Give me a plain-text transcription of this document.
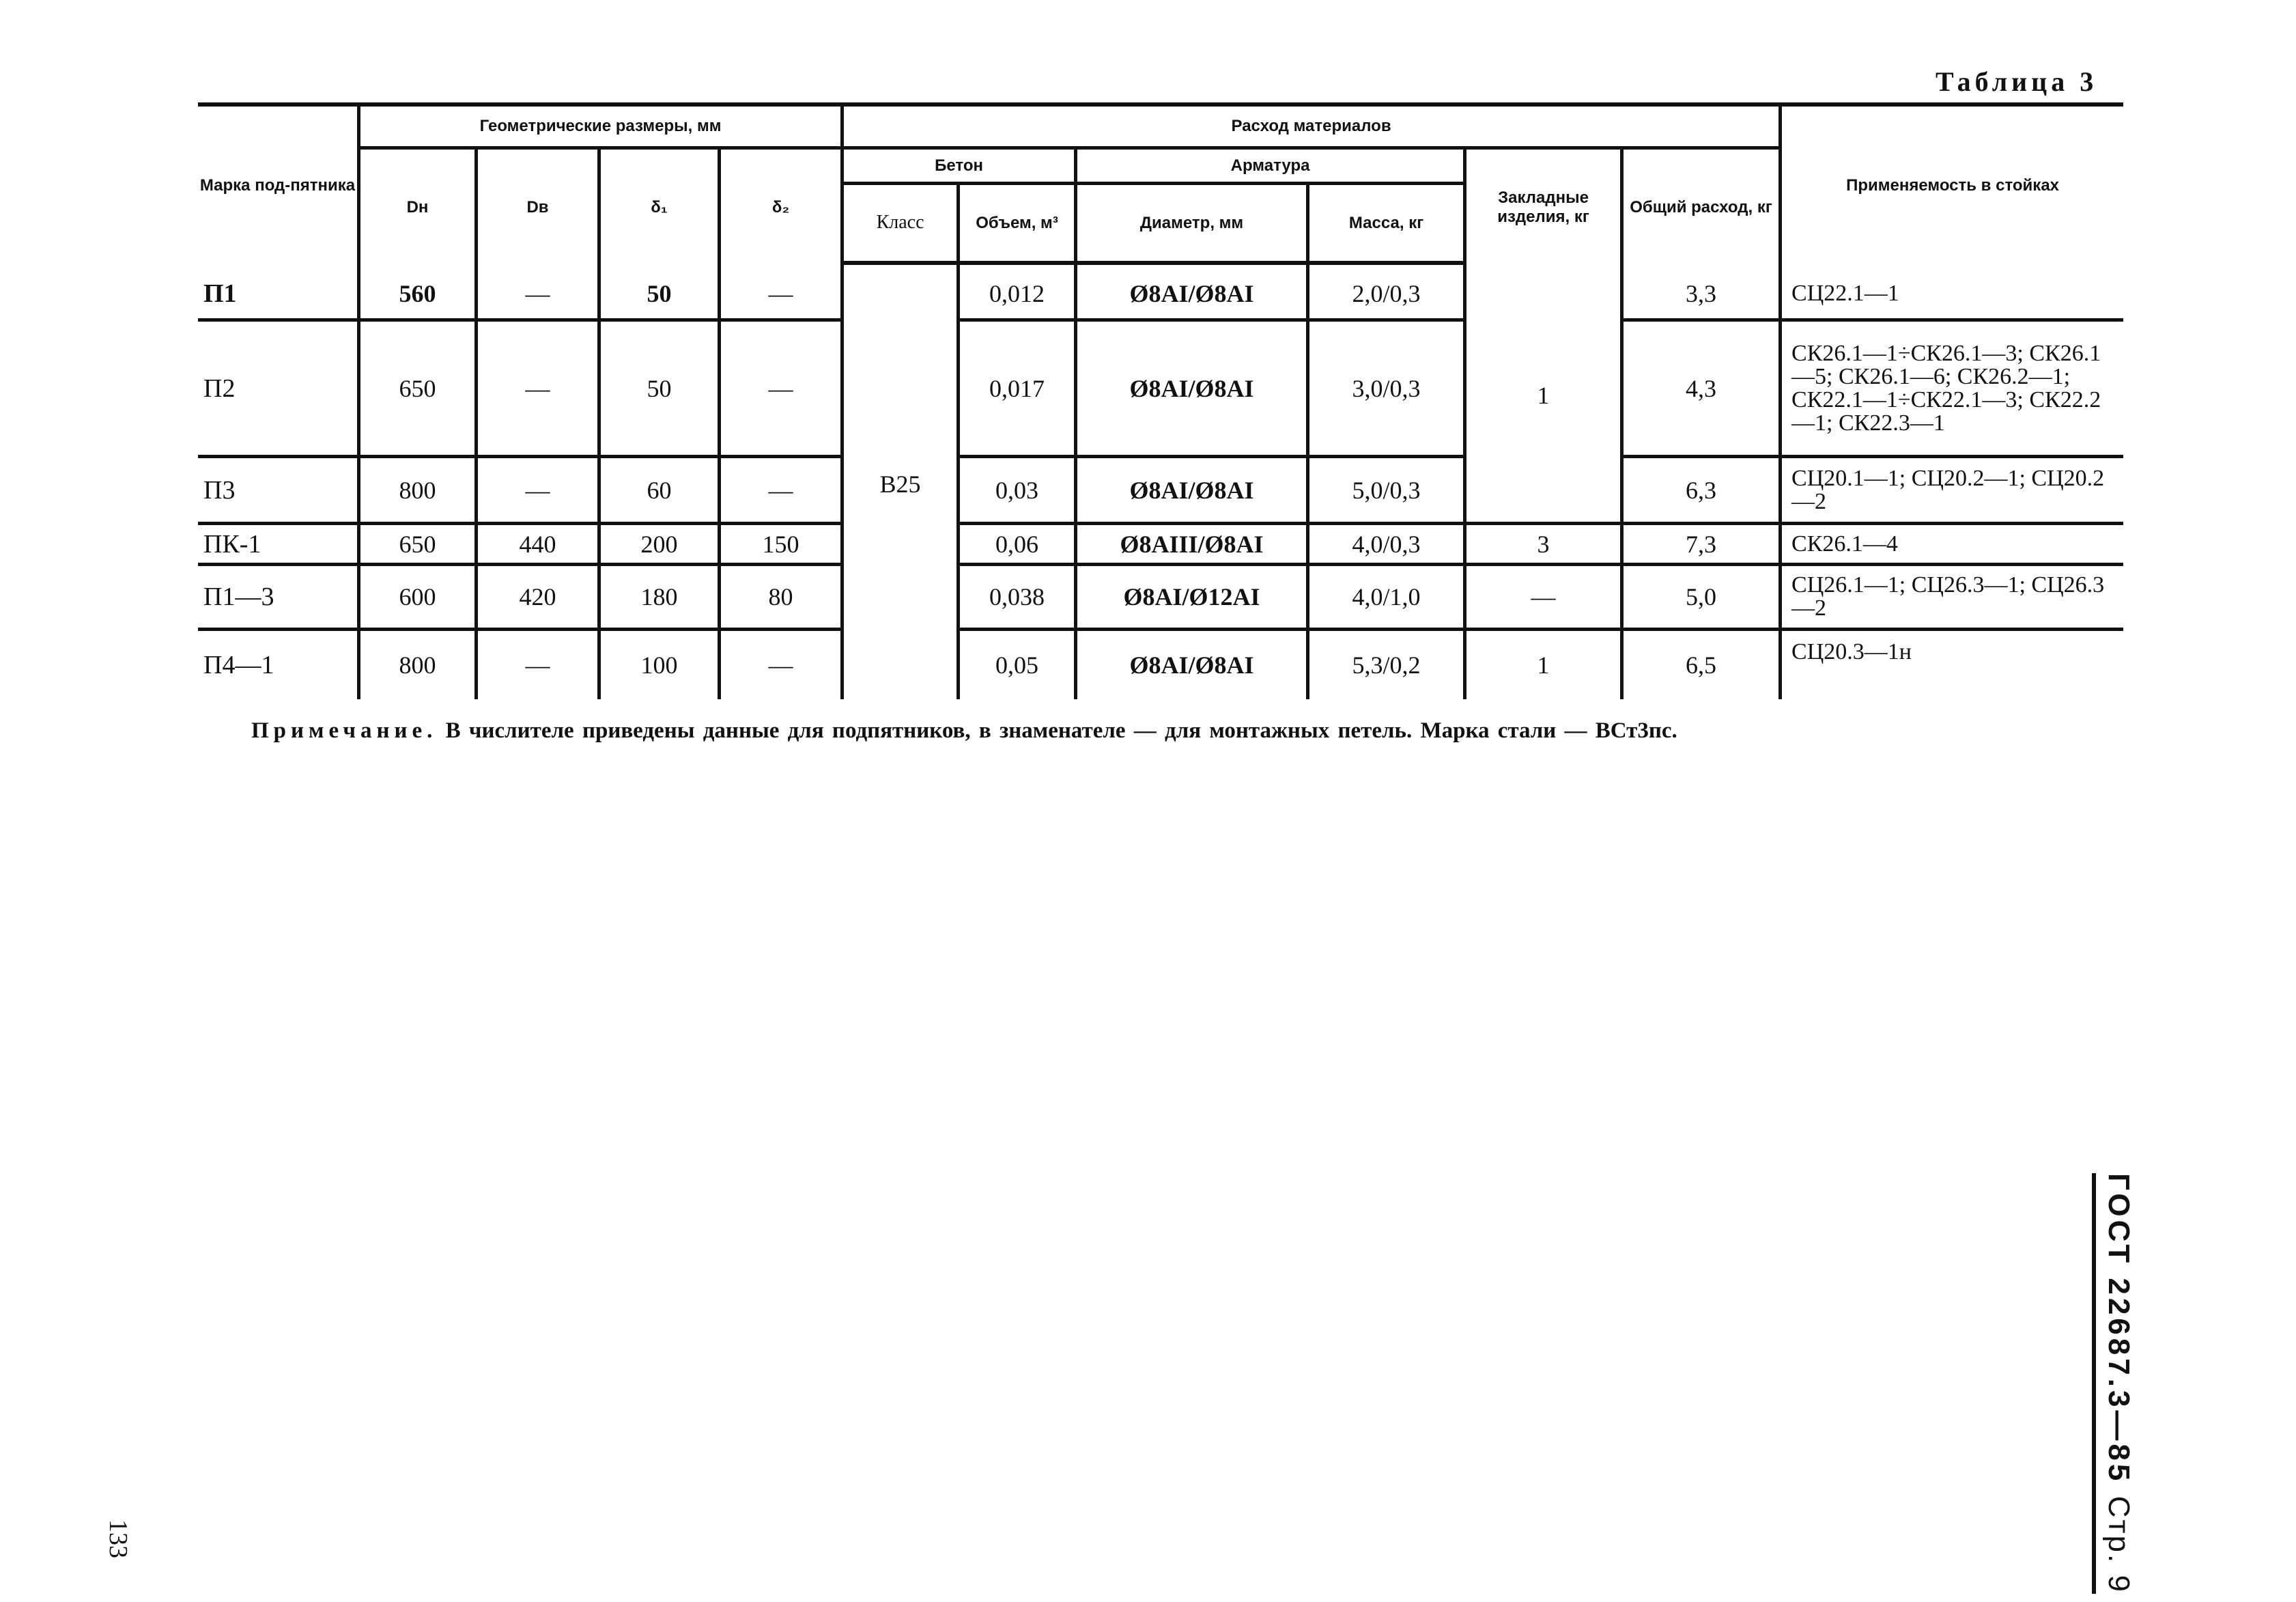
133
Таблица 3
Марка под-пятника	Геометрические размеры, мм				Расход материалов						Применяемость в стойках
	Dн	Dв	δ₁	δ₂	Бетон		Арматура		Закладные изделия, кг	Общий расход, кг	
					Класс	Объем, м³	Диаметр, мм	Масса, кг			

П1	560	—	50	—	B25	0,012	Ø8AI/Ø8AI	2,0/0,3	1	3,3	СЦ22.1—1
П2	650	—	50	—		0,017	Ø8AI/Ø8AI	3,0/0,3		4,3	СК26.1—1÷СК26.1—3; СК26.1—5; СК26.1—6; СК26.2—1; СК22.1—1÷СК22.1—3; СК22.2—1; СК22.3—1
П3	800	—	60	—		0,03	Ø8AI/Ø8AI	5,0/0,3		6,3	СЦ20.1—1; СЦ20.2—1; СЦ20.2—2
ПК-1	650	440	200	150		0,06	Ø8AIII/Ø8AI	4,0/0,3	3	7,3	СК26.1—4
П1—3	600	420	180	80		0,038	Ø8AI/Ø12AI	4,0/1,0	—	5,0	СЦ26.1—1; СЦ26.3—1; СЦ26.3—2
П4—1	800	—	100	—		0,05	Ø8AI/Ø8AI	5,3/0,2	1	6,5	СЦ20.3—1н
Примечание. В числителе приведены данные для подпятников, в знаменателе — для монтажных петель. Марка стали — ВСт3пс.
ГОСТ 22687.3—85 Стр. 9
